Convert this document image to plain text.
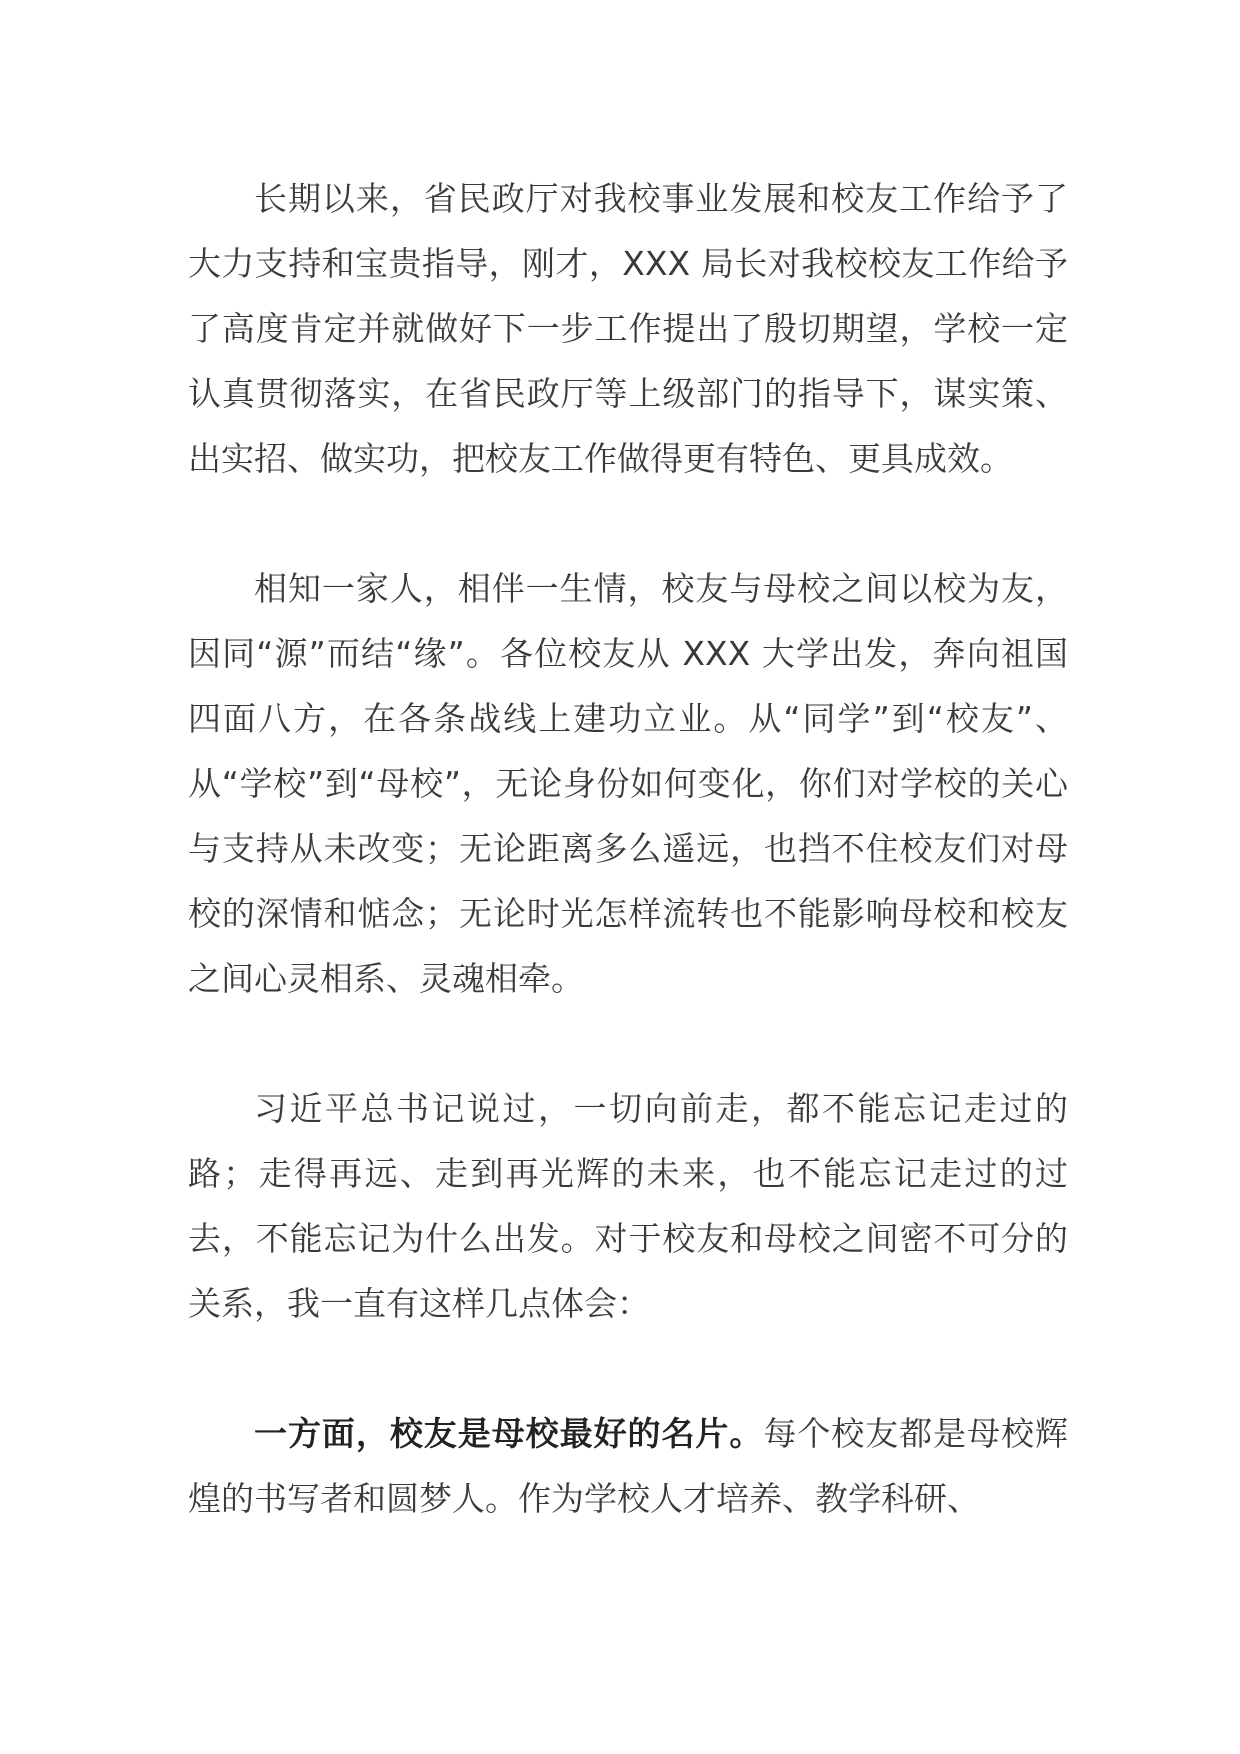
长期以来，省民政厅对我校事业发展和校友工作给予了大力支持和宝贵指导，刚才，XXX 局长对我校校友工作给予了高度肯定并就做好下一步工作提出了殷切期望，学校一定认真贯彻落实，在省民政厅等上级部门的指导下，谋实策、出实招、做实功，把校友工作做得更有特色、更具成效。

相知一家人，相伴一生情，校友与母校之间以校为友，因同“源”而结“缘”。各位校友从 XXX 大学出发，奔向祖国四面八方，在各条战线上建功立业。从“同学”到“校友”、从“学校”到“母校”，无论身份如何变化，你们对学校的关心与支持从未改变；无论距离多么遥远，也挡不住校友们对母校的深情和惦念；无论时光怎样流转也不能影响母校和校友之间心灵相系、灵魂相牵。

习近平总书记说过，一切向前走，都不能忘记走过的路；走得再远、走到再光辉的未来，也不能忘记走过的过去，不能忘记为什么出发。对于校友和母校之间密不可分的关系，我一直有这样几点体会：

一方面，校友是母校最好的名片。每个校友都是母校辉煌的书写者和圆梦人。作为学校人才培养、教学科研、
